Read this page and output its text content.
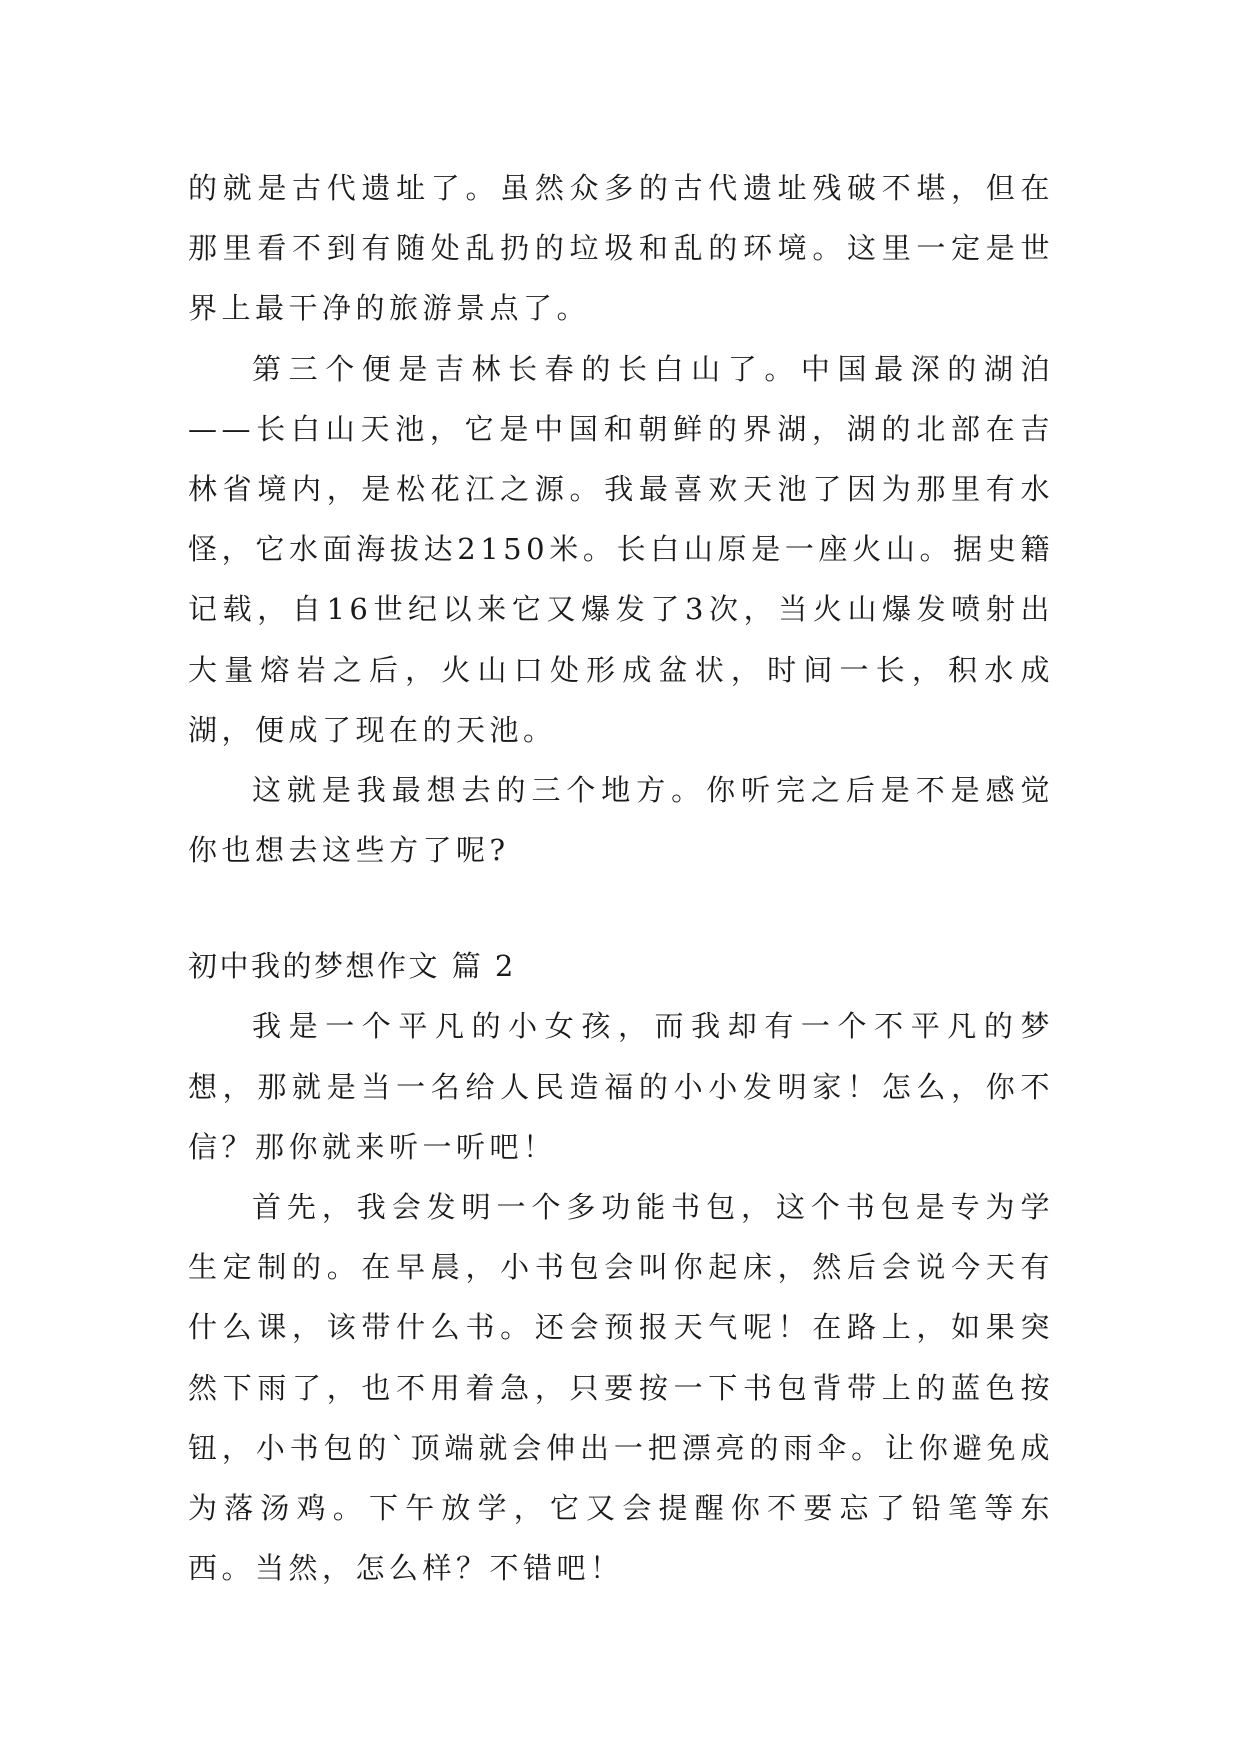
的就是古代遗址了。虽然众多的古代遗址残破不堪，但在那里看不到有随处乱扔的垃圾和乱的环境。这里一定是世界上最干净的旅游景点了。

第三个便是吉林长春的长白山了。中国最深的湖泊——长白山天池，它是中国和朝鲜的界湖，湖的北部在吉林省境内，是松花江之源。我最喜欢天池了因为那里有水怪，它水面海拔达2150米。长白山原是一座火山。据史籍记载，自16世纪以来它又爆发了3次，当火山爆发喷射出大量熔岩之后，火山口处形成盆状，时间一长，积水成湖，便成了现在的天池。

这就是我最想去的三个地方。你听完之后是不是感觉你也想去这些方了呢?

初中我的梦想作文 篇 2

我是一个平凡的小女孩，而我却有一个不平凡的梦想，那就是当一名给人民造福的小小发明家！怎么，你不信？那你就来听一听吧！

首先，我会发明一个多功能书包，这个书包是专为学生定制的。在早晨，小书包会叫你起床，然后会说今天有什么课，该带什么书。还会预报天气呢！在路上，如果突然下雨了，也不用着急，只要按一下书包背带上的蓝色按钮，小书包的`顶端就会伸出一把漂亮的雨伞。让你避免成为落汤鸡。下午放学，它又会提醒你不要忘了铅笔等东西。当然，怎么样？不错吧！
